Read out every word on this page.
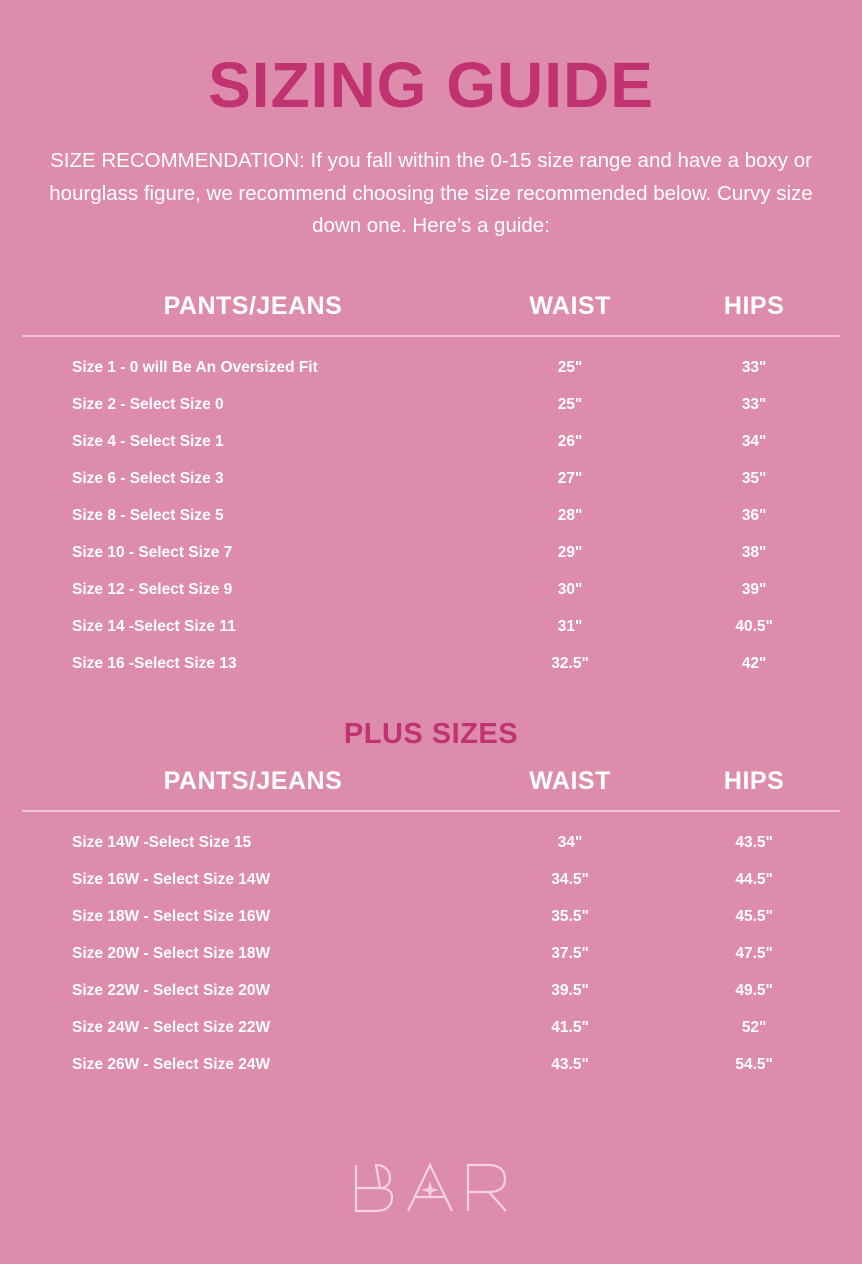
SIZING GUIDE

SIZE RECOMMENDATION: If you fall within the 0-15 size range and have a boxy or hourglass figure, we recommend choosing the size recommended below. Curvy size down one. Here’s a guide:

PANTS/JEANS	WAIST	HIPS
Size 1 - 0 will Be An Oversized Fit	25"	33"
Size 2 - Select Size 0	25"	33"
Size 4 - Select Size 1	26"	34"
Size 6 - Select Size 3	27"	35"
Size 8 - Select Size 5	28"	36"
Size 10 - Select Size 7	29"	38"
Size 12 - Select Size 9	30"	39"
Size 14 -Select Size 11	31"	40.5"
Size 16 -Select Size 13	32.5"	42"
PLUS SIZES
PANTS/JEANS	WAIST	HIPS
Size 14W -Select Size 15	34"	43.5"
Size 16W - Select Size 14W	34.5"	44.5"
Size 18W - Select Size 16W	35.5"	45.5"
Size 20W - Select Size 18W	37.5"	47.5"
Size 22W - Select Size 20W	39.5"	49.5"
Size 24W - Select Size 22W	41.5"	52"
Size 26W - Select Size 24W	43.5"	54.5"
